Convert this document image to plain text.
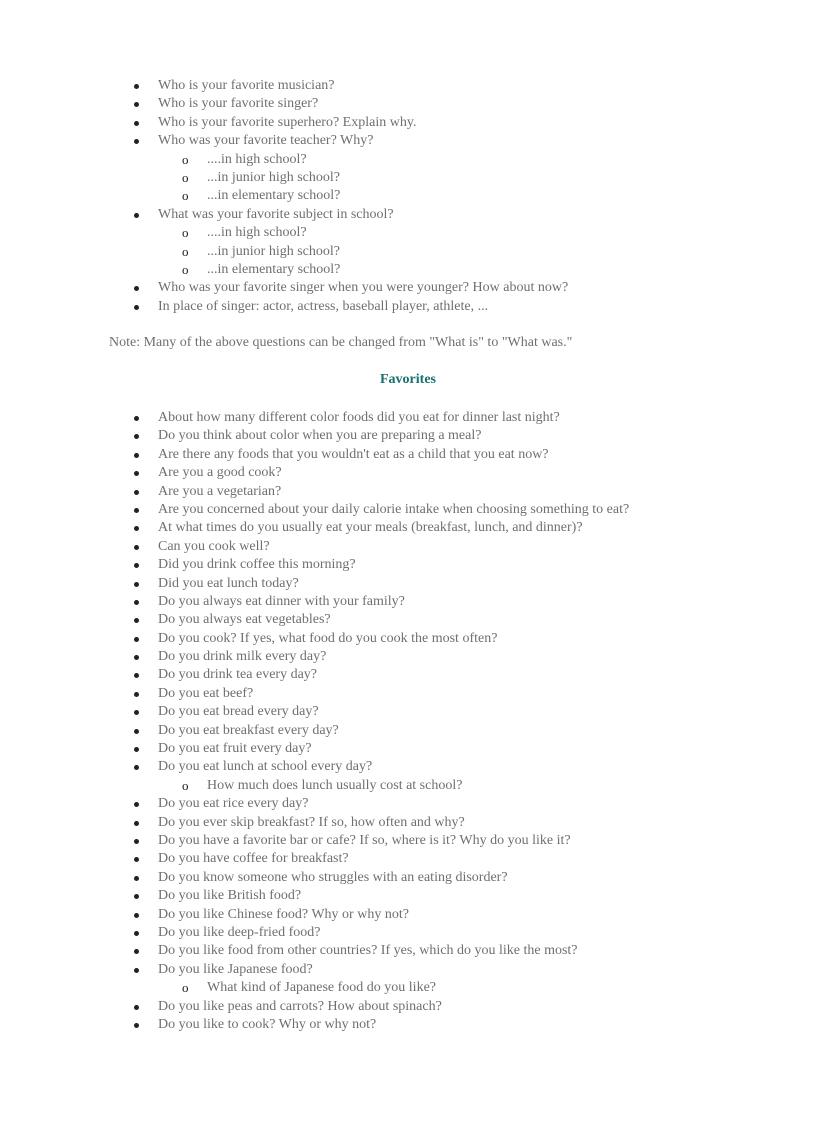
Who is your favorite musician?
Who is your favorite singer?
Who is your favorite superhero? Explain why.
Who was your favorite teacher? Why?
o ....in high school?
o ...in junior high school?
o ...in elementary school?
What was your favorite subject in school?
o ....in high school?
o ...in junior high school?
o ...in elementary school?
Who was your favorite singer when you were younger? How about now?
In place of singer: actor, actress, baseball player, athlete, ...
Note: Many of the above questions can be changed from "What is" to "What was."
Favorites
About how many different color foods did you eat for dinner last night?
Do you think about color when you are preparing a meal?
Are there any foods that you wouldn't eat as a child that you eat now?
Are you a good cook?
Are you a vegetarian?
Are you concerned about your daily calorie intake when choosing something to eat?
At what times do you usually eat your meals (breakfast, lunch, and dinner)?
Can you cook well?
Did you drink coffee this morning?
Did you eat lunch today?
Do you always eat dinner with your family?
Do you always eat vegetables?
Do you cook? If yes, what food do you cook the most often?
Do you drink milk every day?
Do you drink tea every day?
Do you eat beef?
Do you eat bread every day?
Do you eat breakfast every day?
Do you eat fruit every day?
Do you eat lunch at school every day?
o How much does lunch usually cost at school?
Do you eat rice every day?
Do you ever skip breakfast? If so, how often and why?
Do you have a favorite bar or cafe? If so, where is it? Why do you like it?
Do you have coffee for breakfast?
Do you know someone who struggles with an eating disorder?
Do you like British food?
Do you like Chinese food? Why or why not?
Do you like deep-fried food?
Do you like food from other countries? If yes, which do you like the most?
Do you like Japanese food?
o What kind of Japanese food do you like?
Do you like peas and carrots? How about spinach?
Do you like to cook? Why or why not?
